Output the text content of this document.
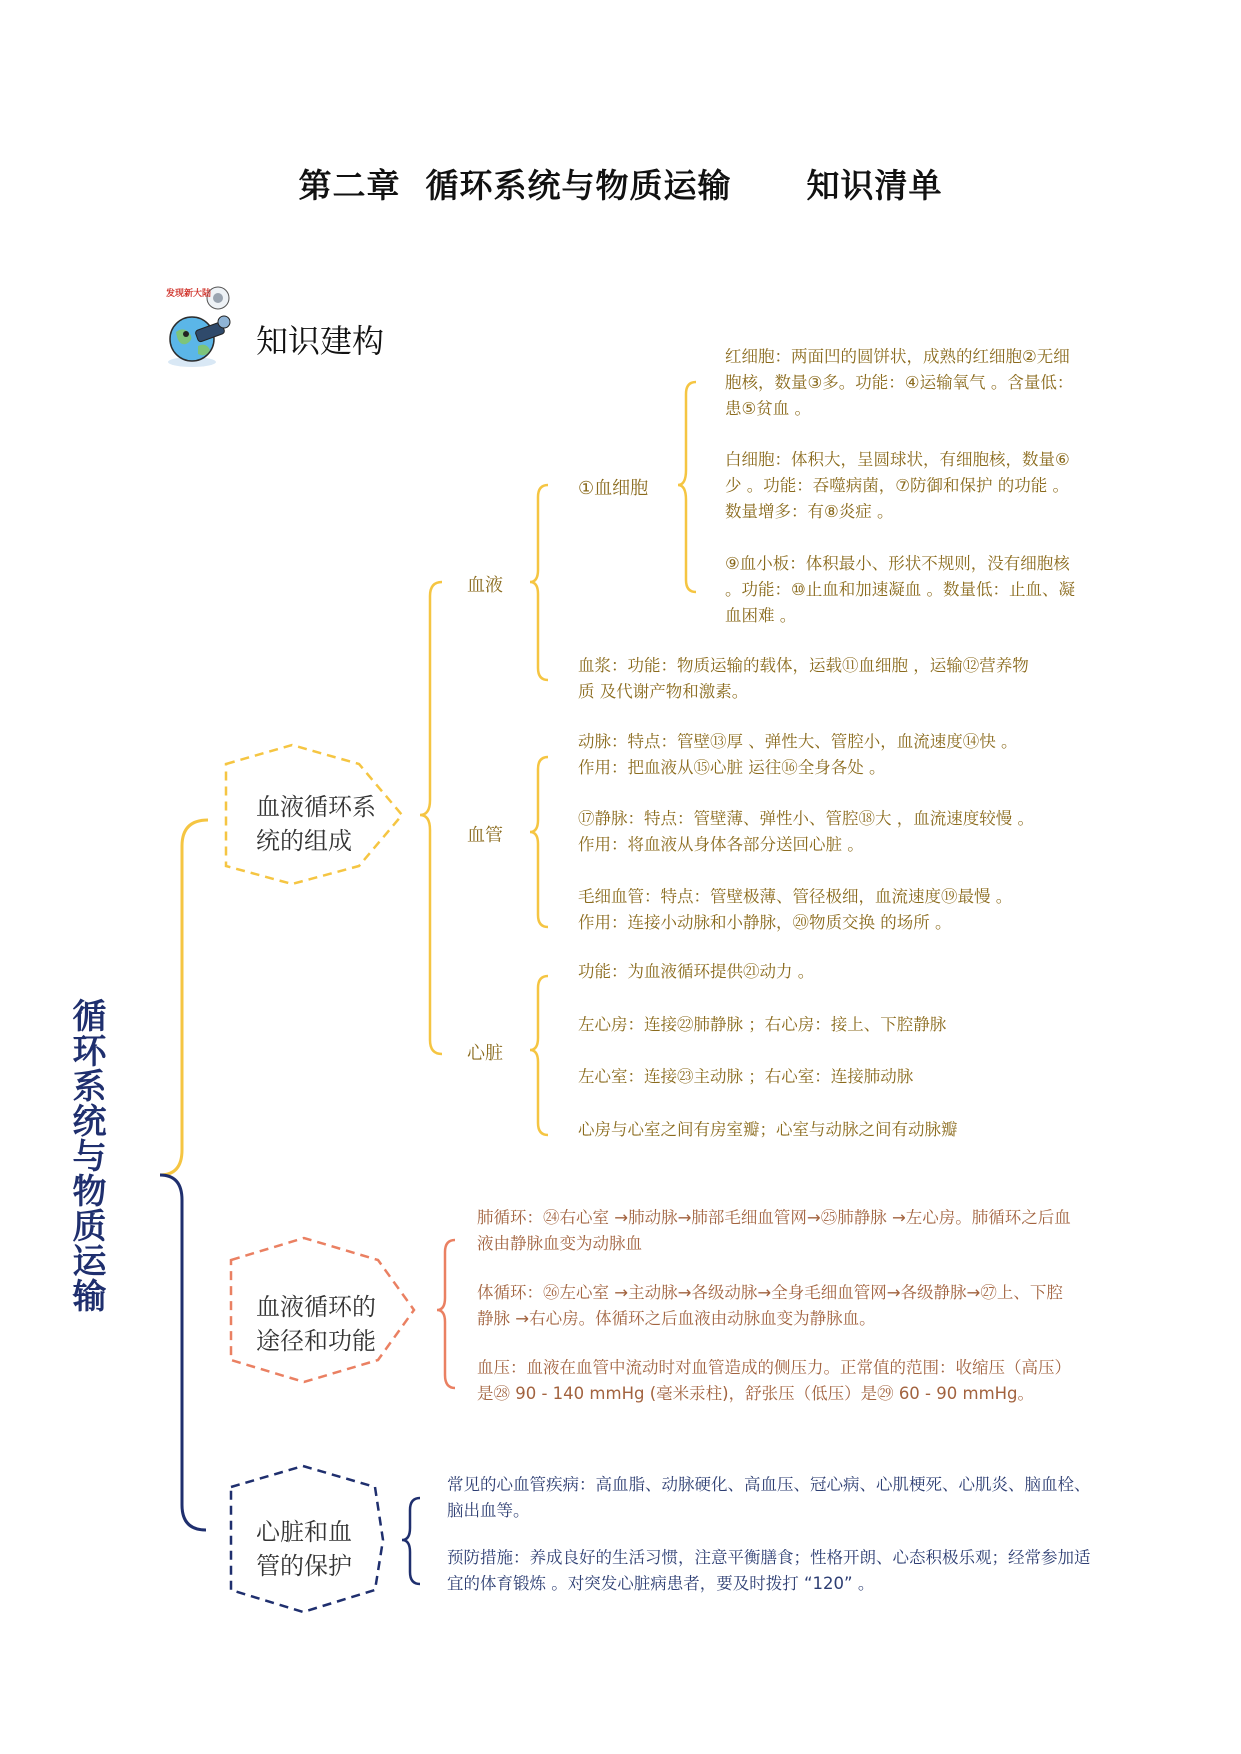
第二章  循环系统与物质运输      知识清单
发现新大陆
知识建构
循环系统与物质运输
血液循环系统的组成
血液循环的途径和功能
心脏和血管的保护
血液
血管
心脏
①血细胞
红细胞：两面凹的圆饼状，成熟的红细胞②无细
胞核，数量③多。功能：④运输氧气 。含量低：
患⑤贫血 。
白细胞：体积大，呈圆球状，有细胞核，数量⑥
少 。功能：吞噬病菌，⑦防御和保护 的功能 。
数量增多：有⑧炎症 。
⑨血小板：体积最小、形状不规则，没有细胞核
。功能：⑩止血和加速凝血 。数量低：止血、凝
血困难 。
血浆：功能：物质运输的载体，运载⑪血细胞 ，运输⑫营养物
质 及代谢产物和激素。
动脉：特点：管壁⑬厚 、弹性大、管腔小，血流速度⑭快 。
作用：把血液从⑮心脏 运往⑯全身各处 。
⑰静脉：特点：管壁薄、弹性小、管腔⑱大 ，血流速度较慢 。
作用：将血液从身体各部分送回心脏 。
毛细血管：特点：管壁极薄、管径极细，血流速度⑲最慢 。
作用：连接小动脉和小静脉，⑳物质交换 的场所 。
功能：为血液循环提供㉑动力 。
左心房：连接㉒肺静脉 ；右心房：接上、下腔静脉
左心室：连接㉓主动脉 ；右心室：连接肺动脉
心房与心室之间有房室瓣；心室与动脉之间有动脉瓣
肺循环：㉔右心室 →肺动脉→肺部毛细血管网→㉕肺静脉 →左心房。肺循环之后血
液由静脉血变为动脉血
体循环：㉖左心室 →主动脉→各级动脉→全身毛细血管网→各级静脉→㉗上、下腔
静脉 →右心房。体循环之后血液由动脉血变为静脉血。
血压：血液在血管中流动时对血管造成的侧压力。正常值的范围：收缩压（高压）
是㉘ 90 - 140 mmHg (毫米汞柱)，舒张压（低压）是㉙ 60 - 90 mmHg。
常见的心血管疾病：高血脂、动脉硬化、高血压、冠心病、心肌梗死、心肌炎、脑血栓、
脑出血等。
预防措施：养成良好的生活习惯，注意平衡膳食；性格开朗、心态积极乐观；经常参加适
宜的体育锻炼 。对突发心脏病患者，要及时拨打 “120” 。
